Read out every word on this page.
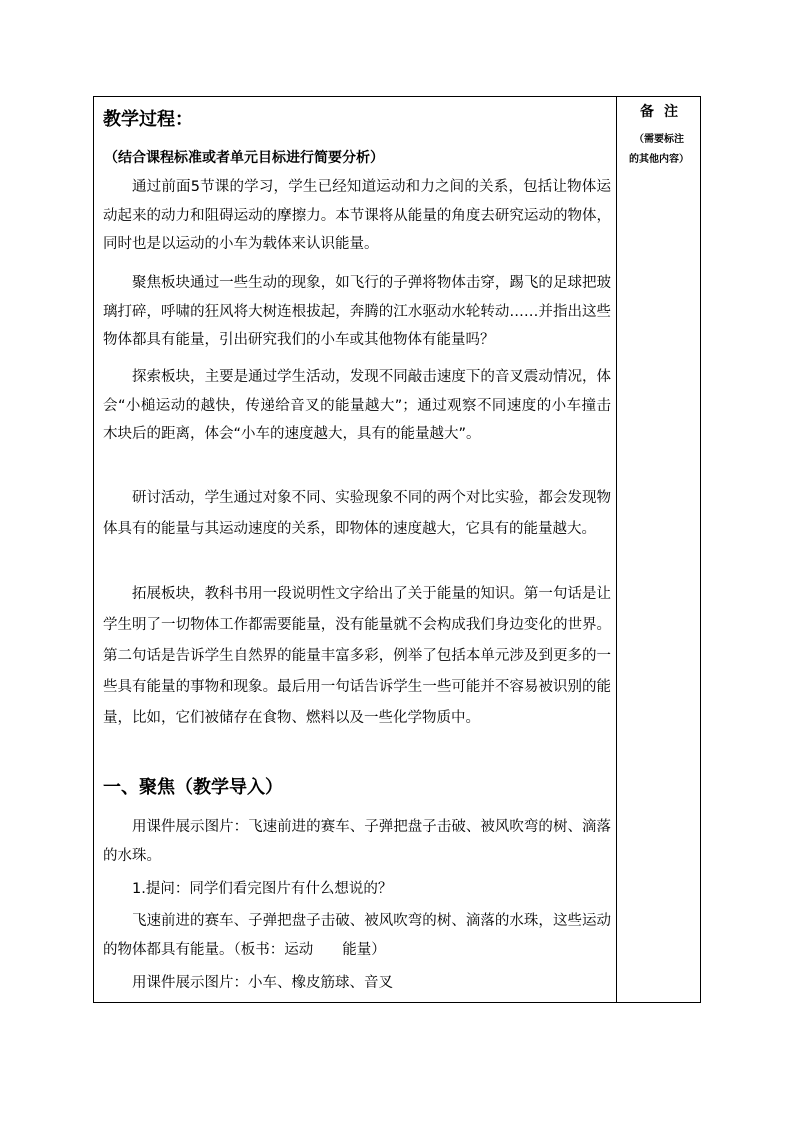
教学过程：
（结合课程标准或者单元目标进行简要分析）

通过前面5节课的学习，学生已经知道运动和力之间的关系，包括让物体运动起来的动力和阻碍运动的摩擦力。本节课将从能量的角度去研究运动的物体，同时也是以运动的小车为载体来认识能量。

聚焦板块通过一些生动的现象，如飞行的子弹将物体击穿，踢飞的足球把玻璃打碎，呼啸的狂风将大树连根拔起，奔腾的江水驱动水轮转动……并指出这些物体都具有能量，引出研究我们的小车或其他物体有能量吗？

探索板块，主要是通过学生活动，发现不同敲击速度下的音叉震动情况，体会“小槌运动的越快，传递给音叉的能量越大”；通过观察不同速度的小车撞击木块后的距离，体会“小车的速度越大，具有的能量越大”。

研讨活动，学生通过对象不同、实验现象不同的两个对比实验，都会发现物体具有的能量与其运动速度的关系，即物体的速度越大，它具有的能量越大。

拓展板块，教科书用一段说明性文字给出了关于能量的知识。第一句话是让学生明了一切物体工作都需要能量，没有能量就不会构成我们身边变化的世界。第二句话是告诉学生自然界的能量丰富多彩，例举了包括本单元涉及到更多的一些具有能量的事物和现象。最后用一句话告诉学生一些可能并不容易被识别的能量，比如，它们被储存在食物、燃料以及一些化学物质中。

一、聚焦（教学导入）

用课件展示图片：飞速前进的赛车、子弹把盘子击破、被风吹弯的树、滴落的水珠。

1.提问：同学们看完图片有什么想说的？

飞速前进的赛车、子弹把盘子击破、被风吹弯的树、滴落的水珠，这些运动的物体都具有能量。（板书：运动　　能量）

用课件展示图片：小车、橡皮筋球、音叉

备注
（需要标注
的其他内容）
